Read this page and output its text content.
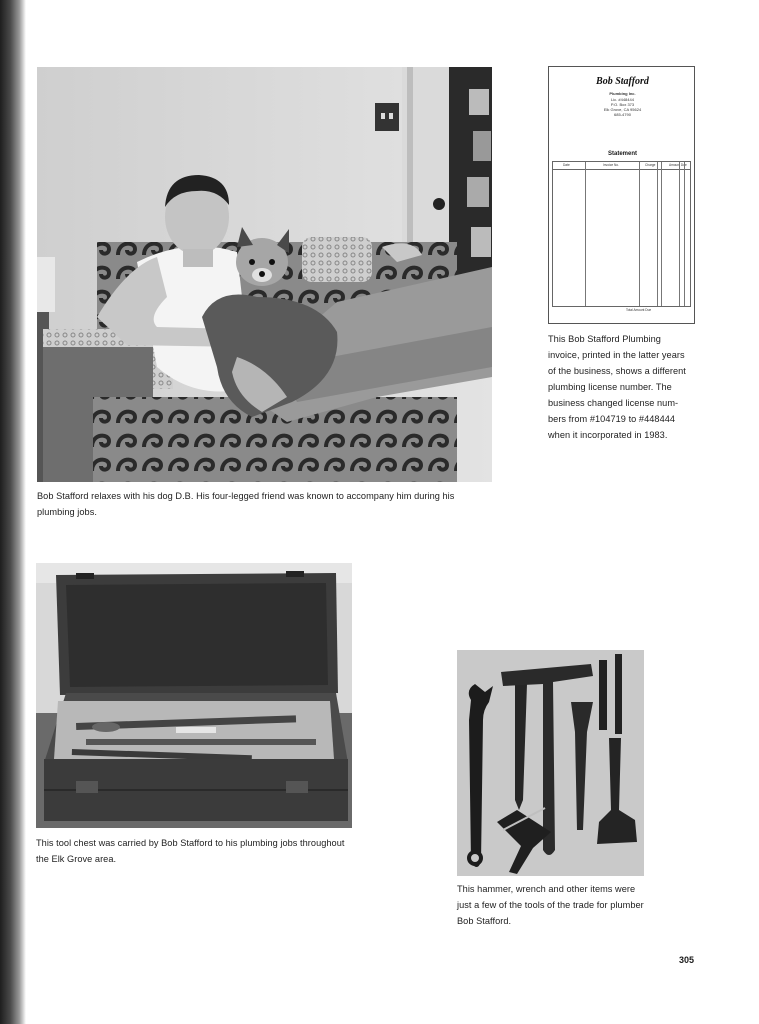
Bob Stafford relaxes with his dog D.B. His four-legged friend was known to accompany him during his
plumbing jobs.
Bob Stafford
Plumbing Inc.
Lic. #448444
P.O. Box 373
Elk Grove, CA 95624
685-4790
Statement
Date	Invoice No.	Charge	Amount Due
Total Amount Due
This Bob Stafford Plumbing
invoice, printed in the latter years
of the business, shows a different
plumbing license number. The
business changed license num-
bers from #104719 to #448444
when it incorporated in 1983.
This tool chest was carried by Bob Stafford to his plumbing jobs throughout
the Elk Grove area.
This hammer, wrench and other items were
just a few of the tools of the trade for plumber
Bob Stafford.
305
